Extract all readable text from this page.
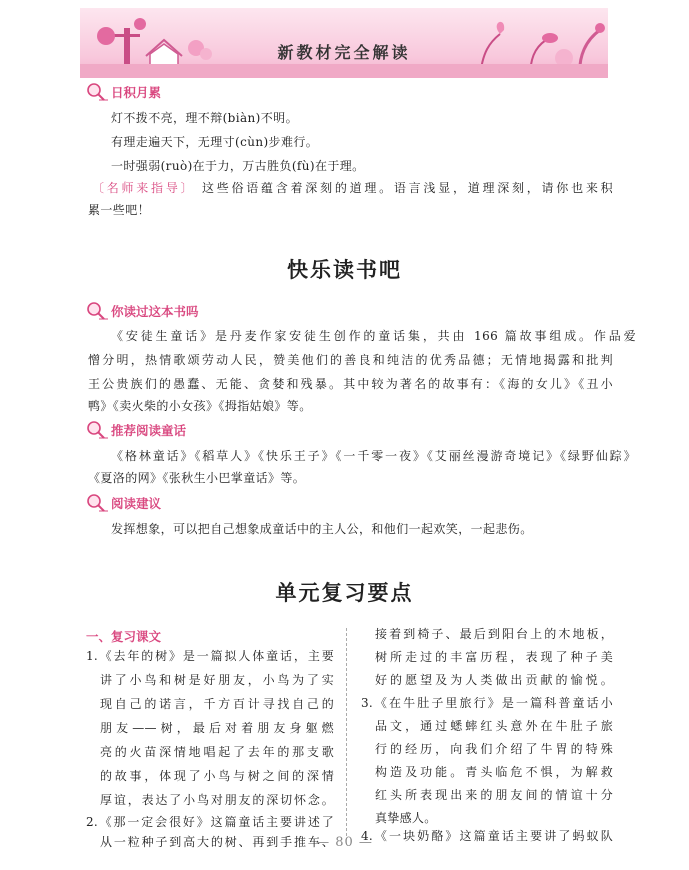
新教材完全解读
日积月累
灯不拨不亮，理不辩(biàn)不明。
有理走遍天下，无理寸(cùn)步难行。
一时强弱(ruò)在于力，万古胜负(fù)在于理。
〔名师来指导〕 这些俗语蕴含着深刻的道理。语言浅显，道理深刻，请你也来积
累一些吧！
快乐读书吧
你读过这本书吗
《安徒生童话》是丹麦作家安徒生创作的童话集，共由 166 篇故事组成。作品爱
憎分明，热情歌颂劳动人民，赞美他们的善良和纯洁的优秀品德；无情地揭露和批判
王公贵族们的愚蠢、无能、贪婪和残暴。其中较为著名的故事有：《海的女儿》《丑小
鸭》《卖火柴的小女孩》《拇指姑娘》等。
推荐阅读童话
《格林童话》《稻草人》《快乐王子》《一千零一夜》《艾丽丝漫游奇境记》《绿野仙踪》
《夏洛的网》《张秋生小巴掌童话》等。
阅读建议
发挥想象，可以把自己想象成童话中的主人公，和他们一起欢笑，一起悲伤。
单元复习要点
一、复习课文
1.《去年的树》是一篇拟人体童话，主要
讲了小鸟和树是好朋友，小鸟为了实
现自己的诺言，千方百计寻找自己的
朋友——树，最后对着朋友身躯燃
亮的火苗深情地唱起了去年的那支歌
的故事，体现了小鸟与树之间的深情
厚谊，表达了小鸟对朋友的深切怀念。
2.《那一定会很好》这篇童话主要讲述了
从一粒种子到高大的树、再到手推车、
接着到椅子、最后到阳台上的木地板，
树所走过的丰富历程，表现了种子美
好的愿望及为人类做出贡献的愉悦。
3.《在牛肚子里旅行》是一篇科普童话小
品文，通过蟋蟀红头意外在牛肚子旅
行的经历，向我们介绍了牛胃的特殊
构造及功能。青头临危不惧，为解救
红头所表现出来的朋友间的情谊十分
真挚感人。
4.《一块奶酪》这篇童话主要讲了蚂蚁队
— 80 —
